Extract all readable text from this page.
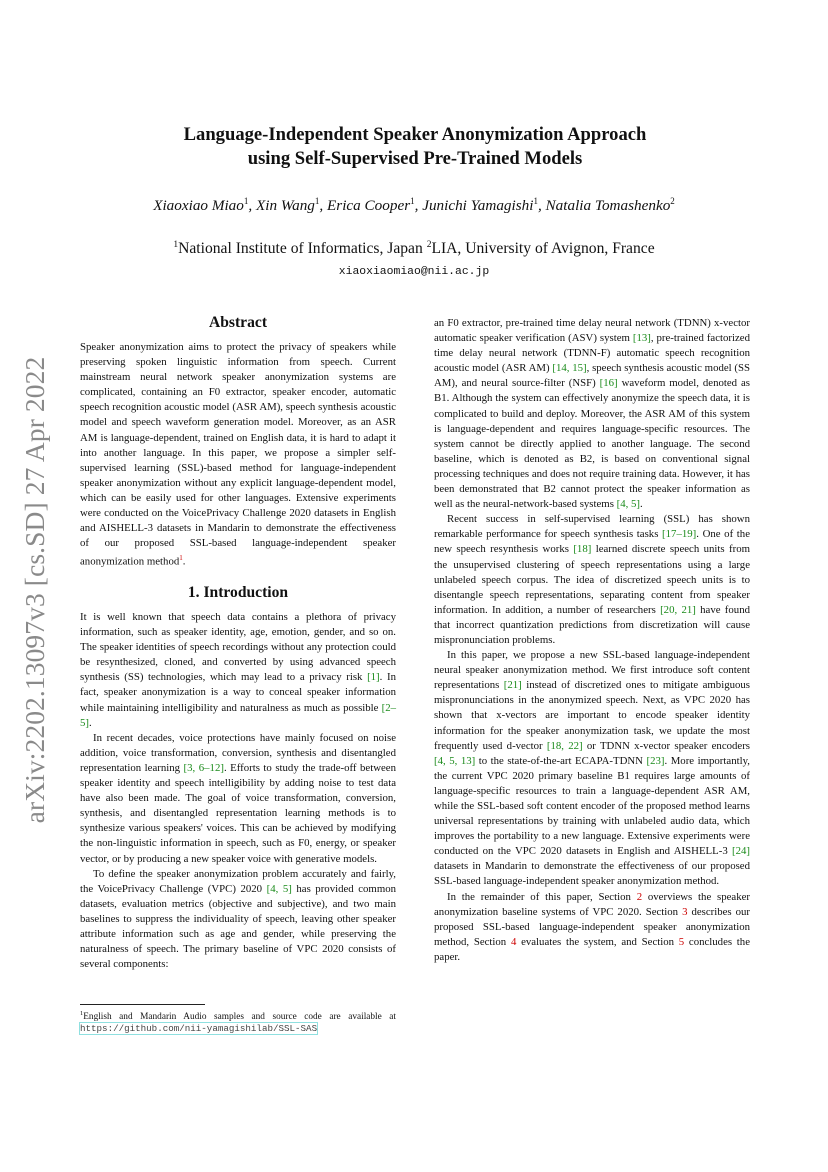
arXiv:2202.13097v3 [cs.SD] 27 Apr 2022
Language-Independent Speaker Anonymization Approach
using Self-Supervised Pre-Trained Models
Xiaoxiao Miao$^1$, Xin Wang$^1$, Erica Cooper$^1$, Junichi Yamagishi$^1$, Natalia Tomashenko$^2$
$^1$National Institute of Informatics, Japan $^2$LIA, University of Avignon, France
xiaoxiaomiao@nii.ac.jp
Abstract

Speaker anonymization aims to protect the privacy of speakers while preserving spoken linguistic information from speech. Current mainstream neural network speaker anonymization systems are complicated, containing an F0 extractor, speaker encoder, automatic speech recognition acoustic model (ASR AM), speech synthesis acoustic model and speech waveform generation model. Moreover, as an ASR AM is language-dependent, trained on English data, it is hard to adapt it into another language. In this paper, we propose a simpler self-supervised learning (SSL)-based method for language-independent speaker anonymization without any explicit language-dependent model, which can be easily used for other languages. Extensive experiments were conducted on the VoicePrivacy Challenge 2020 datasets in English and AISHELL-3 datasets in Mandarin to demonstrate the effectiveness of our proposed SSL-based language-independent speaker anonymization method$^1$.

1. Introduction

It is well known that speech data contains a plethora of privacy information, such as speaker identity, age, emotion, gender, and so on. The speaker identities of speech recordings without any protection could be resynthesized, cloned, and converted by using advanced speech synthesis (SS) technologies, which may lead to a privacy risk [1]. In fact, speaker anonymization is a way to conceal speaker information while maintaining intelligibility and naturalness as much as possible [2–5].

In recent decades, voice protections have mainly focused on noise addition, voice transformation, conversion, synthesis and disentangled representation learning [3, 6–12]. Efforts to study the trade-off between speaker identity and speech intelligibility by adding noise to test data have also been made. The goal of voice transformation, conversion, synthesis, and disentangled representation learning methods is to synthesize various speakers' voices. This can be achieved by modifying the non-linguistic information in speech, such as F0, energy, or speaker vector, or by producing a new speaker voice with generative models.

To define the speaker anonymization problem accurately and fairly, the VoicePrivacy Challenge (VPC) 2020 [4, 5] has provided common datasets, evaluation metrics (objective and subjective), and two main baselines to suppress the individuality of speech, leaving other speaker attribute information such as age and gender, while preserving the naturalness of speech. The primary baseline of VPC 2020 consists of several components:

$^1$English and Mandarin Audio samples and source code are available at https://github.com/nii-yamagishilab/SSL-SAS

an F0 extractor, pre-trained time delay neural network (TDNN) x-vector automatic speaker verification (ASV) system [13], pre-trained factorized time delay neural network (TDNN-F) automatic speech recognition acoustic model (ASR AM) [14, 15], speech synthesis acoustic model (SS AM), and neural source-filter (NSF) [16] waveform model, denoted as B1. Although the system can effectively anonymize the speech data, it is complicated to build and deploy. Moreover, the ASR AM of this system is language-dependent and requires language-specific resources. The system cannot be directly applied to another language. The second baseline, which is denoted as B2, is based on conventional signal processing techniques and does not require training data. However, it has been demonstrated that B2 cannot protect the speaker information as well as the neural-network-based systems [4, 5].

Recent success in self-supervised learning (SSL) has shown remarkable performance for speech synthesis tasks [17–19]. One of the new speech resynthesis works [18] learned discrete speech units from the unsupervised clustering of speech representations using a large unlabeled speech corpus. The idea of discretized speech units is to disentangle speech representations, separating content from speaker information. In addition, a number of researchers [20, 21] have found that incorrect quantization predictions from discretization will cause mispronunciation problems.

In this paper, we propose a new SSL-based language-independent neural speaker anonymization method. We first introduce soft content representations [21] instead of discretized ones to mitigate ambiguous mispronunciations in the anonymized speech. Next, as VPC 2020 has shown that x-vectors are important to encode speaker identity information for the speaker anonymization task, we update the most frequently used d-vector [18, 22] or TDNN x-vector speaker encoders [4, 5, 13] to the state-of-the-art ECAPA-TDNN [23]. More importantly, the current VPC 2020 primary baseline B1 requires large amounts of language-specific resources to train a language-dependent ASR AM, while the SSL-based soft content encoder of the proposed method learns universal representations by training with unlabeled audio data, which improves the portability to a new language. Extensive experiments were conducted on the VPC 2020 datasets in English and AISHELL-3 [24] datasets in Mandarin to demonstrate the effectiveness of our proposed SSL-based language-independent speaker anonymization method.

In the remainder of this paper, Section 2 overviews the speaker anonymization baseline systems of VPC 2020. Section 3 describes our proposed SSL-based language-independent speaker anonymization method, Section 4 evaluates the system, and Section 5 concludes the paper.
